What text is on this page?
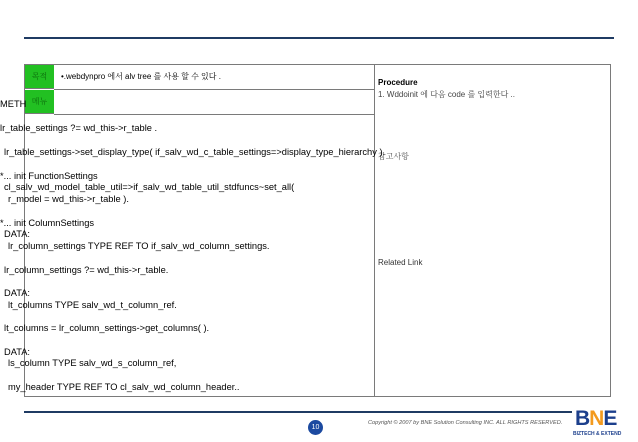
목적	•.webdynpro 에서 alv tree 를 사용 할 수 있다 .
메뉴
Procedure
1. Wddoinit 에 다음 code 를 입력한다 ..
참고사항
Related Link
METH
lr_table_settings ?= wd_this->r_table .
lr_table_settings->set_display_type( if_salv_wd_c_table_settings=>display_type_hierarchy ).
*... init FunctionSettings
cl_salv_wd_model_table_util=>if_salv_wd_table_util_stdfuncs~set_all(
r_model = wd_this->r_table ).
*... init ColumnSettings
DATA:
lr_column_settings TYPE REF TO if_salv_wd_column_settings.
lr_column_settings ?= wd_this->r_table.
DATA:
lt_columns TYPE salv_wd_t_column_ref.
lt_columns = lr_column_settings->get_columns( ).
DATA:
ls_column TYPE salv_wd_s_column_ref,
my_header TYPE REF TO cl_salv_wd_column_header..
10
Copyright © 2007 by BNE Solution Consulting INC. ALL RIGHTS RESERVED. BNE
BIZTECH & EXTEND
